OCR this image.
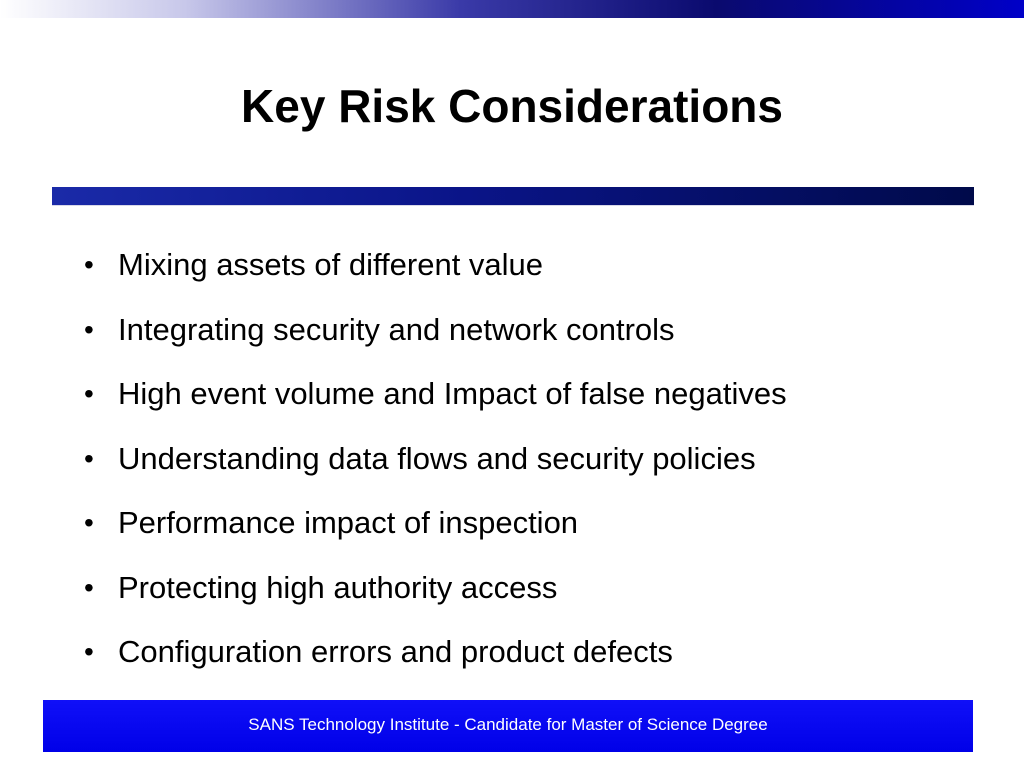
Key Risk Considerations
• Mixing assets of different value
• Integrating security and network controls
• High event volume and Impact of false negatives
• Understanding data flows and security policies
• Performance impact of inspection
• Protecting high authority access
• Configuration errors and product defects
SANS Technology Institute - Candidate for Master of Science Degree
